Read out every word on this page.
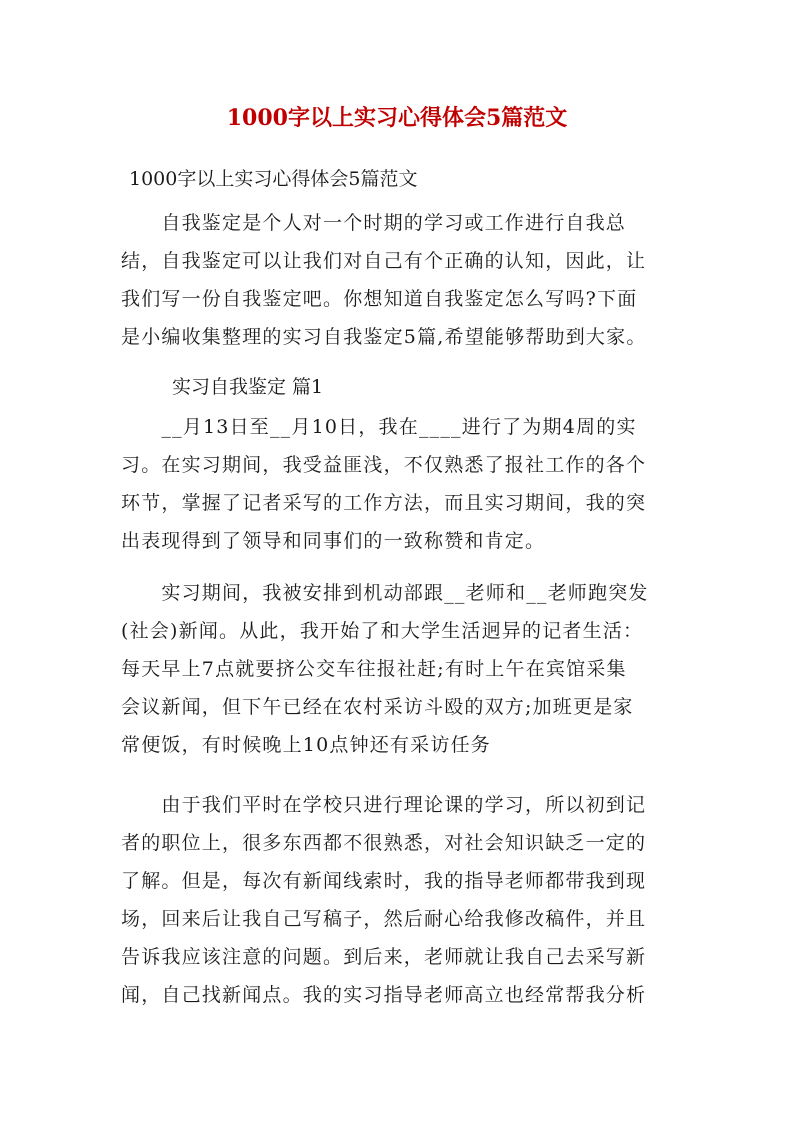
1000字以上实习心得体会5篇范文

1000字以上实习心得体会5篇范文

　　自我鉴定是个人对一个时期的学习或工作进行自我总
结，自我鉴定可以让我们对自己有个正确的认知，因此，让
我们写一份自我鉴定吧。你想知道自我鉴定怎么写吗?下面
是小编收集整理的实习自我鉴定5篇,希望能够帮助到大家。

实习自我鉴定 篇1

　　__月13日至__月10日，我在____进行了为期4周的实
习。在实习期间，我受益匪浅，不仅熟悉了报社工作的各个
环节，掌握了记者采写的工作方法，而且实习期间，我的突
出表现得到了领导和同事们的一致称赞和肯定。
　　实习期间，我被安排到机动部跟__老师和__老师跑突发
(社会)新闻。从此，我开始了和大学生活迥异的记者生活：
每天早上7点就要挤公交车往报社赶;有时上午在宾馆采集
会议新闻，但下午已经在农村采访斗殴的双方;加班更是家
常便饭，有时候晚上10点钟还有采访任务
　　由于我们平时在学校只进行理论课的学习，所以初到记
者的职位上，很多东西都不很熟悉，对社会知识缺乏一定的
了解。但是，每次有新闻线索时，我的指导老师都带我到现
场，回来后让我自己写稿子，然后耐心给我修改稿件，并且
告诉我应该注意的问题。到后来，老师就让我自己去采写新
闻，自己找新闻点。我的实习指导老师高立也经常帮我分析
